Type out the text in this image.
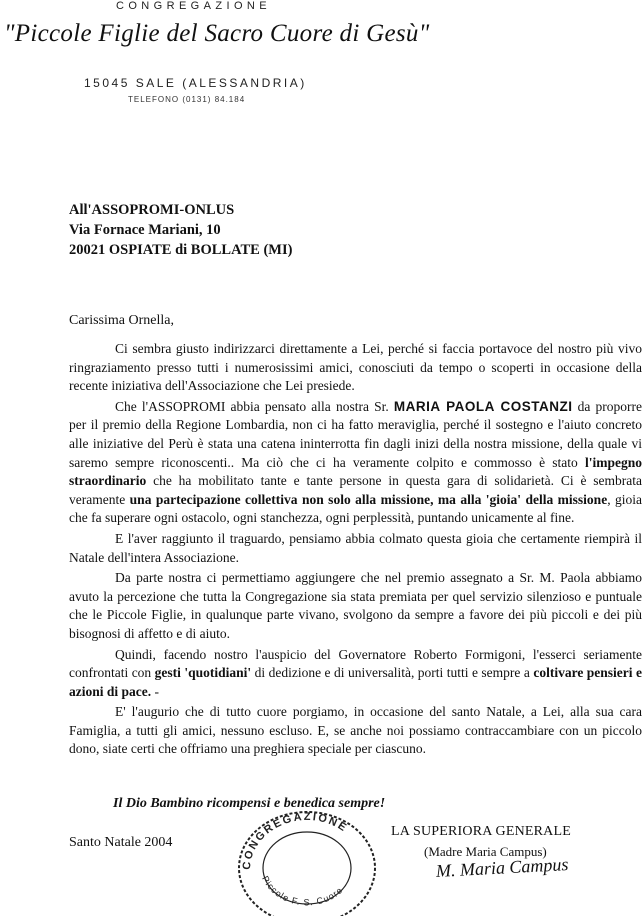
CONGREGAZIONE
"Piccole Figlie del Sacro Cuore di Gesù"
15045 SALE (ALESSANDRIA)
TELEFONO (0131) 84.184
All'ASSOPROMI-ONLUS
Via Fornace Mariani, 10
20021 OSPIATE di BOLLATE (MI)
Carissima Ornella,

Ci sembra giusto indirizzarci direttamente a Lei, perché si faccia portavoce del nostro più vivo ringraziamento presso tutti i numerosissimi amici, conosciuti da tempo o scoperti in occasione della recente iniziativa dell'Associazione che Lei presiede.

Che l'ASSOPROMI abbia pensato alla nostra Sr. MARIA PAOLA COSTANZI da proporre per il premio della Regione Lombardia, non ci ha fatto meraviglia, perché il sostegno e l'aiuto concreto alle iniziative del Perù è stata una catena ininterrotta fin dagli inizi della nostra missione, della quale vi saremo sempre riconoscenti.. Ma ciò che ci ha veramente colpito e commosso è stato l'impegno straordinario che ha mobilitato tante e tante persone in questa gara di solidarietà. Ci è sembrata veramente una partecipazione collettiva non solo alla missione, ma alla 'gioia' della missione, gioia che fa superare ogni ostacolo, ogni stanchezza, ogni perplessità, puntando unicamente al fine.

E l'aver raggiunto il traguardo, pensiamo abbia colmato questa gioia che certamente riempirà il Natale dell'intera Associazione.

Da parte nostra ci permettiamo aggiungere che nel premio assegnato a Sr. M. Paola abbiamo avuto la percezione che tutta la Congregazione sia stata premiata per quel servizio silenzioso e puntuale che le Piccole Figlie, in qualunque parte vivano, svolgono da sempre a favore dei più piccoli e dei più bisognosi di affetto e di aiuto.

Quindi, facendo nostro l'auspicio del Governatore Roberto Formigoni, l'esserci seriamente confrontati con gesti 'quotidiani' di dedizione e di universalità, porti tutti e sempre a coltivare pensieri e azioni di pace. -

E' l'augurio che di tutto cuore porgiamo, in occasione del santo Natale, a Lei, alla sua cara Famiglia, a tutti gli amici, nessuno escluso. E, se anche noi possiamo contraccambiare con un piccolo dono, siate certi che offriamo una preghiera speciale per ciascuno.

Il Dio Bambino ricompensi e benedica sempre!
Santo Natale 2004
CONGREGAZIONE
Piccole F. S. Cuore
LA SUPERIORA GENERALE
(Madre Maria Campus)
M. Maria Campus
